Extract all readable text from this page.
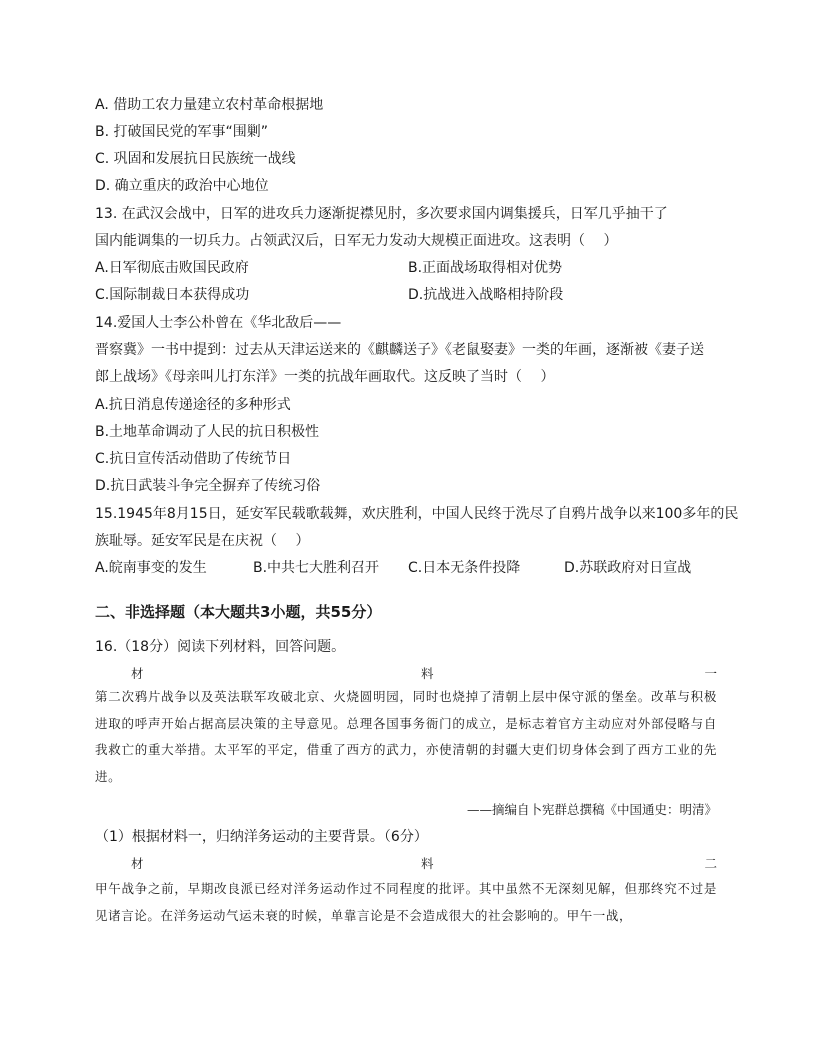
A. 借助工农力量建立农村革命根据地
B. 打破国民党的军事“围剿”
C. 巩固和发展抗日民族统一战线
D. 确立重庆的政治中心地位
13. 在武汉会战中，日军的进攻兵力逐渐捉襟见肘，多次要求国内调集援兵，日军几乎抽干了
国内能调集的一切兵力。占领武汉后，日军无力发动大规模正面进攻。这表明（　 ）
A.日军彻底击败国民政府	B.正面战场取得相对优势
C.国际制裁日本获得成功	D.抗战进入战略相持阶段
14.爱国人士李公朴曾在《华北敌后——
晋察冀》一书中提到：过去从天津运送来的《麒麟送子》《老鼠娶妻》一类的年画，逐渐被《妻子送
郎上战场》《母亲叫儿打东洋》一类的抗战年画取代。这反映了当时（　 ）
A.抗日消息传递途径的多种形式
B.土地革命调动了人民的抗日积极性
C.抗日宣传活动借助了传统节日
D.抗日武装斗争完全摒弃了传统习俗
15.1945年8月15日，延安军民载歌载舞，欢庆胜利，中国人民终于洗尽了自鸦片战争以来100多年的民
族耻辱。延安军民是在庆祝（　 ）
A.皖南事变的发生	B.中共七大胜利召开 C.日本无条件投降	D.苏联政府对日宣战
二、非选择题（本大题共3小题，共55分）
16.（18分）阅读下列材料，回答问题。
材	料	一
第二次鸦片战争以及英法联军攻破北京、火烧圆明园，同时也烧掉了清朝上层中保守派的堡垒。改革与积极进取的呼声开始占据高层决策的主导意见。总理各国事务衙门的成立，是标志着官方主动应对外部侵略与自我救亡的重大举措。太平军的平定，借重了西方的武力，亦使清朝的封疆大吏们切身体会到了西方工业的先进。
——摘编自卜宪群总撰稿《中国通史：明清》
（1）根据材料一，归纳洋务运动的主要背景。（6分）
材	料	二
甲午战争之前，早期改良派已经对洋务运动作过不同程度的批评。其中虽然不无深刻见解，但那终究不过是见诸言论。在洋务运动气运未衰的时候，单靠言论是不会造成很大的社会影响的。甲午一战，
